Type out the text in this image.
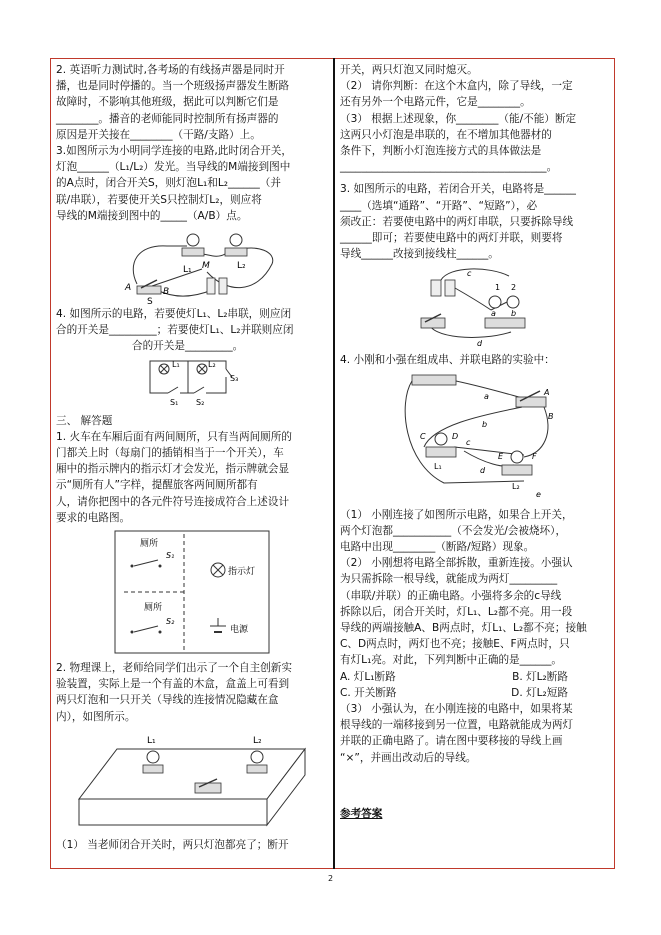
2. 英语听力测试时,各考场的有线扬声器是同时开

播，也是同时停播的。当一个班级扬声器发生断路

故障时，不影响其他班级，据此可以判断它们是

________。播音的老师能同时控制所有扬声器的

原因是开关接在________（干路/支路）上。

3.如图所示为小明同学连接的电路,此时闭合开关，

灯泡______（L₁/L₂）发光。当导线的M端接到图中

的A点时，闭合开关S，则灯泡L₁和L₂______（并

联/串联），若要使开关S只控制灯L₂，则应将

导线的M端接到图中的_____（A/B）点。

L₁	L₂
M
A	B
S

4. 如图所示的电路，若要使灯L₁、L₂串联，则应闭

合的开关是_________；若要使灯L₁、L₂并联则应闭

合的开关是_________。

L₁	L₂
S₃
S₁ S₂

三、 解答题

1. 火车在车厢后面有两间厕所，只有当两间厕所的

门都关上时（每扇门的插销相当于一个开关），车

厢中的指示牌内的指示灯才会发光，指示牌就会显

示“厕所有人”字样，提醒旅客两间厕所都有

人，请你把图中的各元件符号连接成符合上述设计

要求的电路图。

厕所
厕所
S₁
S₂
指示灯
电源

2. 物理课上，老师给同学们出示了一个自主创新实

验装置，实际上是一个有盖的木盒，盒盖上可看到

两只灯泡和一只开关（导线的连接情况隐藏在盒

内），如图所示。

L₁	L₂

（1） 当老师闭合开关时，两只灯泡都亮了；断开

开关，两只灯泡又同时熄灭。

（2） 请你判断：在这个木盒内，除了导线，一定

还有另外一个电路元件，它是________。

（3） 根据上述现象，你________（能/不能）断定

这两只小灯泡是串联的，在不增加其他器材的

条件下，判断小灯泡连接方式的具体做法是

_______________________________________。

3. 如图所示的电路，若闭合开关，电路将是______

____（选填“通路”、“开路”、“短路”），必

须改正：若要使电路中的两灯串联，只要拆除导线

______即可；若要使电路中的两灯并联，则要将

导线______改接到接线柱______。

c
1 2
a b
d

4. 小刚和小强在组成串、并联电路的实验中：

a	A
B
b
c
C	D
L₁	d
E	F
L₂
e

（1） 小刚连接了如图所示电路，如果合上开关，

两个灯泡都___________（不会发光/会被烧坏），

电路中出现________（断路/短路）现象。

（2） 小刚想将电路全部拆散，重新连接。小强认

为只需拆除一根导线，就能成为两灯_________

（串联/并联）的正确电路。小强将多余的c导线

拆除以后，闭合开关时，灯L₁、L₂都不亮。用一段

导线的两端接触A、B两点时，灯L₁、L₂都不亮；接触

C、D两点时，两灯也不亮；接触E、F两点时，只

有灯L₁亮。对此，下列判断中正确的是______。

A. 灯L₁断路	B. 灯L₂断路
C. 开关断路	D. 灯L₂短路

（3） 小强认为，在小刚连接的电路中，如果将某

根导线的一端移接到另一位置，电路就能成为两灯

并联的正确电路了。请在图中要移接的导线上画

“×”，并画出改动后的导线。

参考答案

2
